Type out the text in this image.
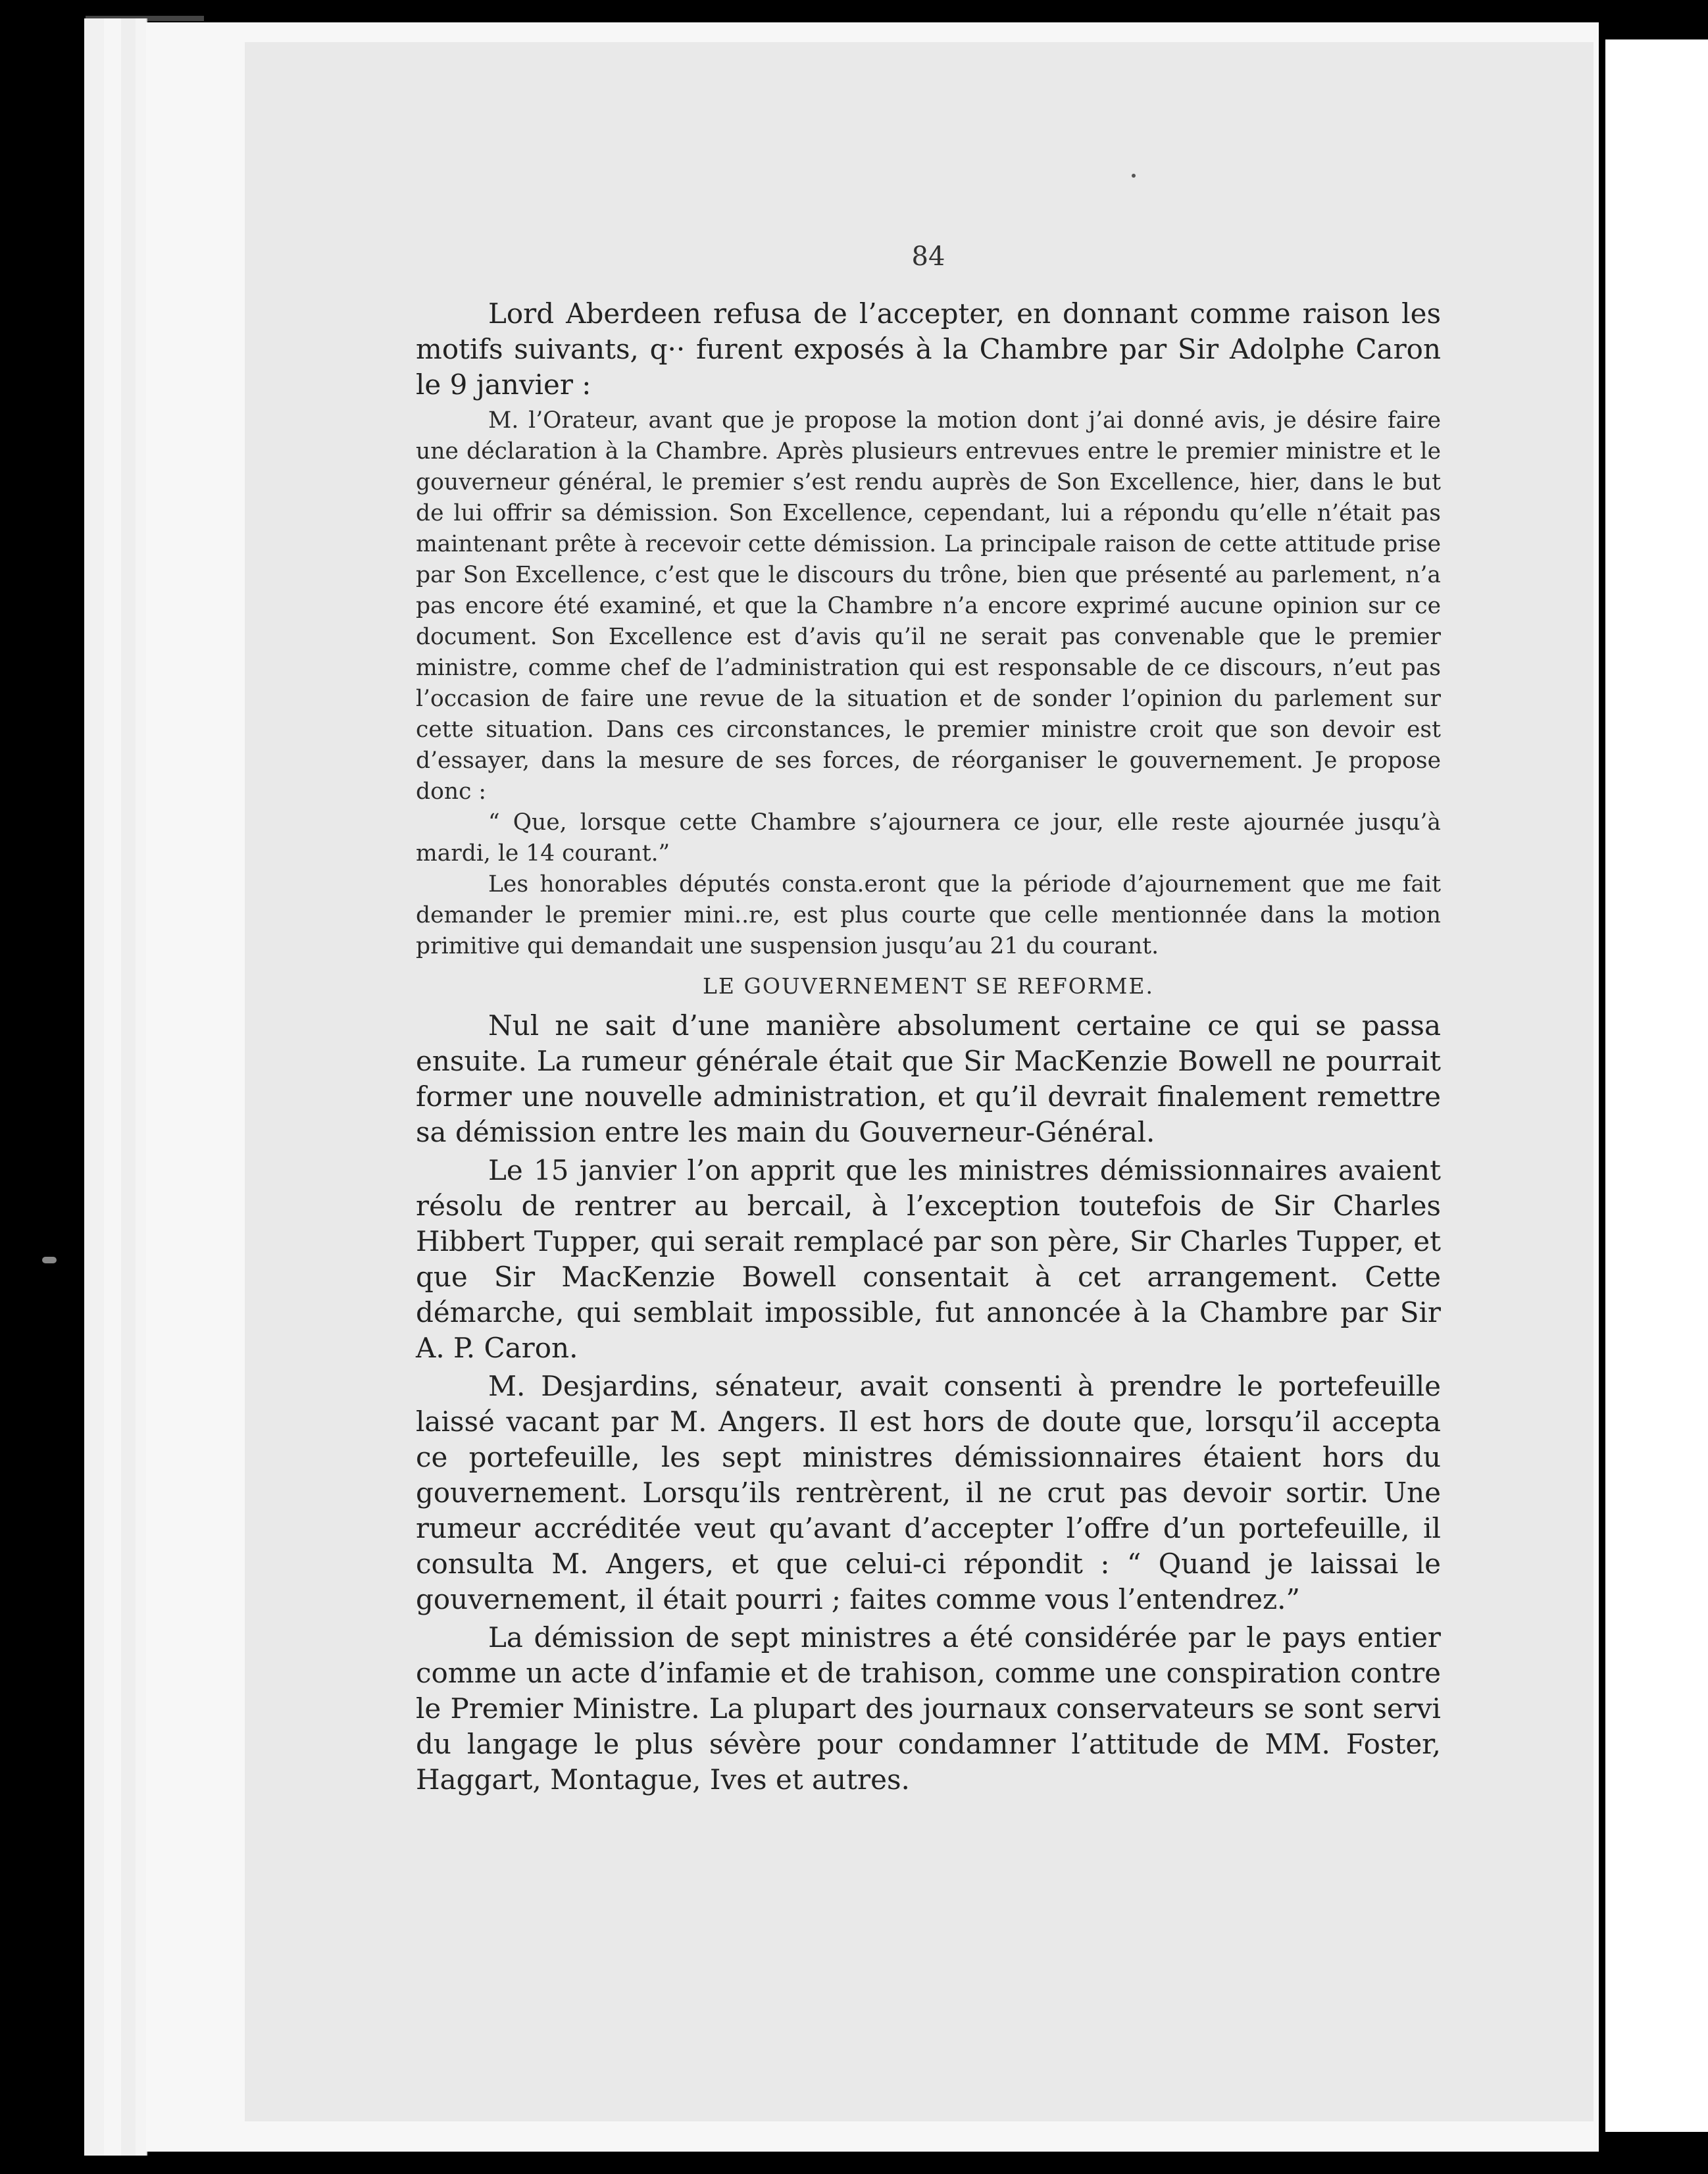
84

Lord Aberdeen refusa de l’accepter, en donnant comme raison les motifs suivants, q·· furent exposés à la Chambre par Sir Adolphe Caron le 9 janvier :

M. l’Orateur, avant que je propose la motion dont j’ai donné avis, je désire faire une déclaration à la Chambre. Après plusieurs entrevues entre le premier ministre et le gouverneur général, le premier s’est rendu auprès de Son Excellence, hier, dans le but de lui offrir sa démission. Son Excellence, cependant, lui a répondu qu’elle n’était pas maintenant prête à recevoir cette démission. La principale raison de cette attitude prise par Son Excellence, c’est que le discours du trône, bien que présenté au parlement, n’a pas encore été examiné, et que la Chambre n’a encore exprimé aucune opinion sur ce document. Son Excellence est d’avis qu’il ne serait pas convenable que le premier ministre, comme chef de l’administration qui est responsable de ce discours, n’eut pas l’occasion de faire une revue de la situation et de sonder l’opinion du parlement sur cette situation. Dans ces circonstances, le premier ministre croit que son devoir est d’essayer, dans la mesure de ses forces, de réorganiser le gouvernement. Je propose donc :

“ Que, lorsque cette Chambre s’ajournera ce jour, elle reste ajournée jusqu’à mardi, le 14 courant.”

Les honorables députés consta.eront que la période d’ajournement que me fait demander le premier mini..re, est plus courte que celle mentionnée dans la motion primitive qui demandait une suspension jusqu’au 21 du courant.

LE GOUVERNEMENT SE REFORME.

Nul ne sait d’une manière absolument certaine ce qui se passa ensuite. La rumeur générale était que Sir MacKenzie Bowell ne pourrait former une nouvelle administration, et qu’il devrait finalement remettre sa démission entre les main du Gouverneur-Général.

Le 15 janvier l’on apprit que les ministres démissionnaires avaient résolu de rentrer au bercail, à l’exception toutefois de Sir Charles Hibbert Tupper, qui serait remplacé par son père, Sir Charles Tupper, et que Sir MacKenzie Bowell consentait à cet arrangement. Cette démarche, qui semblait impossible, fut annoncée à la Chambre par Sir A. P. Caron.

M. Desjardins, sénateur, avait consenti à prendre le portefeuille laissé vacant par M. Angers. Il est hors de doute que, lorsqu’il accepta ce portefeuille, les sept ministres démissionnaires étaient hors du gouvernement. Lorsqu’ils rentrèrent, il ne crut pas devoir sortir. Une rumeur accréditée veut qu’avant d’accepter l’offre d’un portefeuille, il consulta M. Angers, et que celui-ci répondit : “ Quand je laissai le gouvernement, il était pourri ; faites comme vous l’entendrez.”

La démission de sept ministres a été considérée par le pays entier comme un acte d’infamie et de trahison, comme une conspiration contre le Premier Ministre. La plupart des journaux conservateurs se sont servi du langage le plus sévère pour condamner l’attitude de MM. Foster, Haggart, Montague, Ives et autres.
